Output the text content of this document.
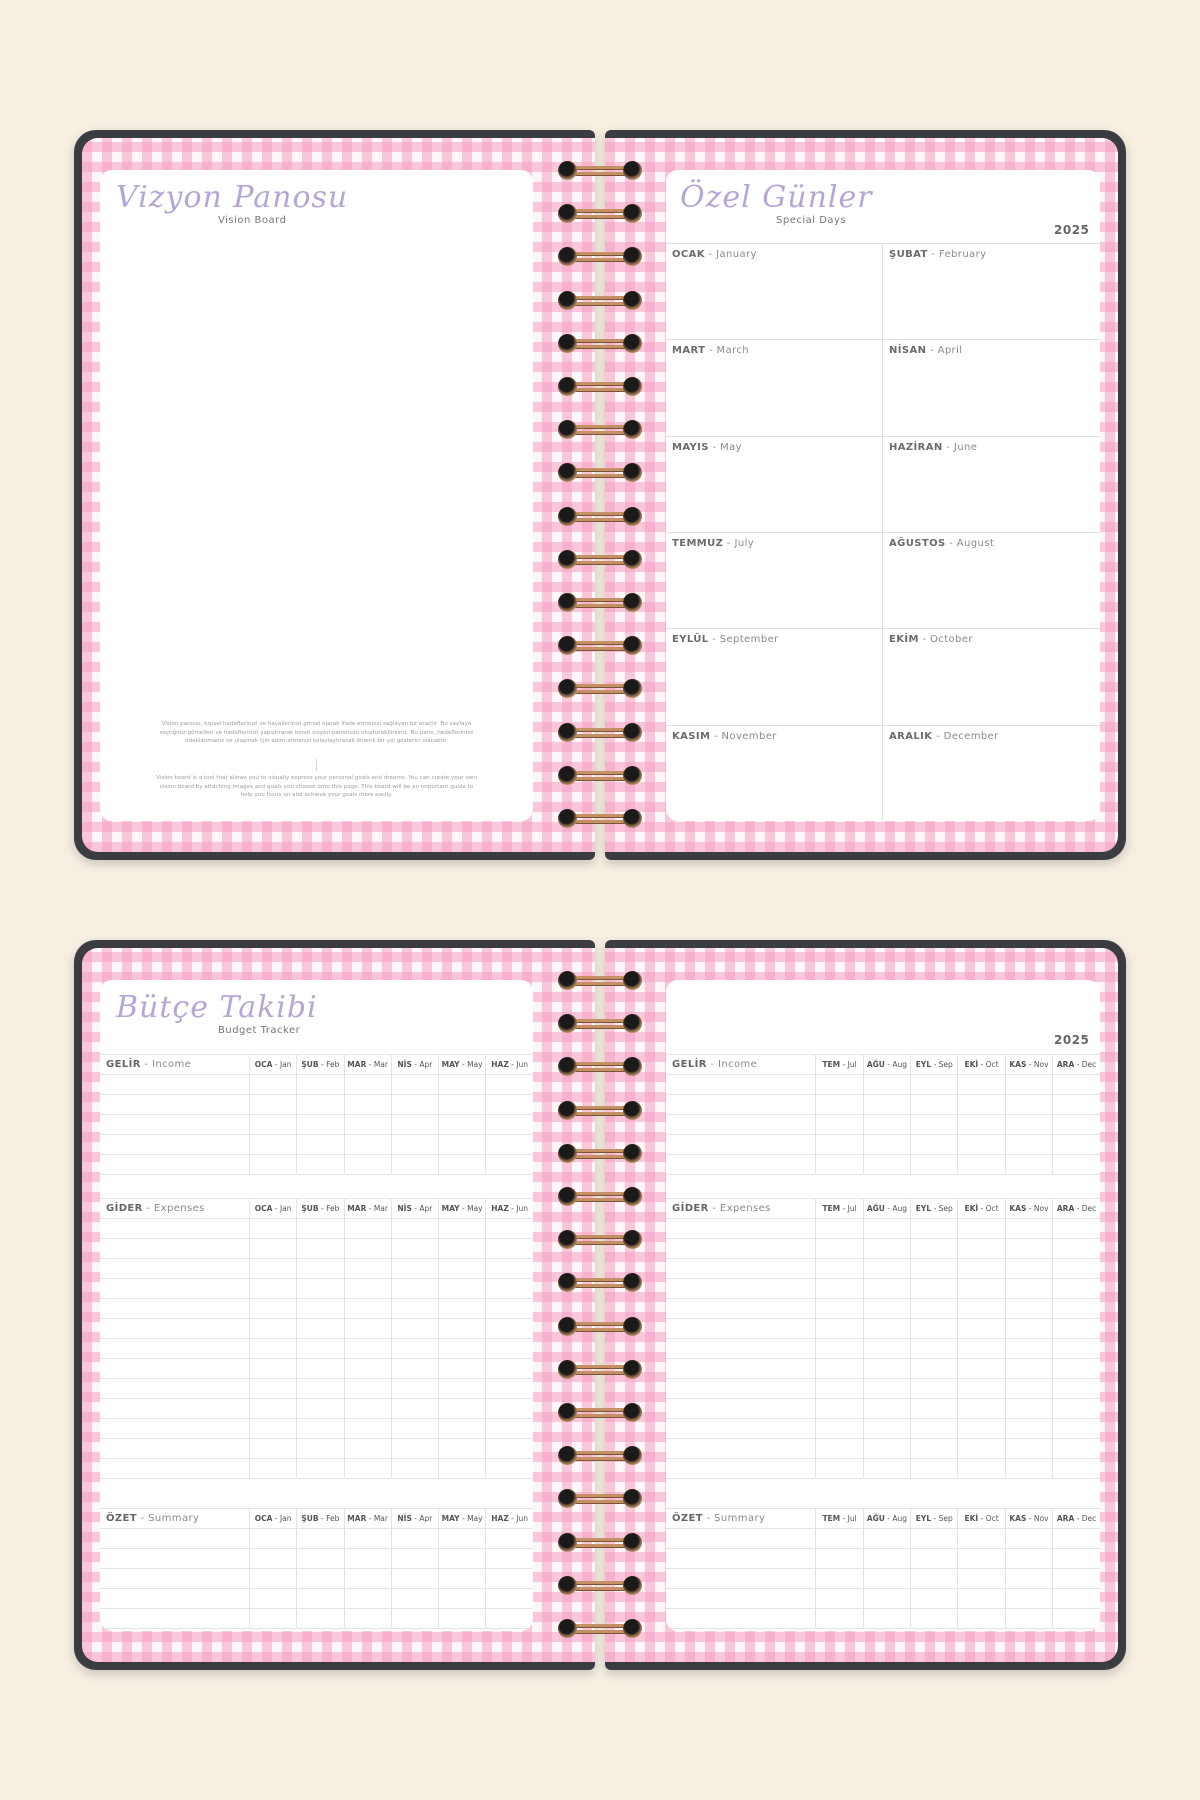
Vizyon Panosu
Vision Board
Vision panosu, kişisel hedeflerinizi ve hayallerinizi görsel olarak ifade etmenizi sağlayan bir araçtır. Bu sayfaya seçtiğiniz görselleri ve hedeflerinizi yapıştırarak kendi vizyon panonuzu oluşturabilirsiniz. Bu pano, hedeflerinize odaklanmanız ve ulaşmak için adım atmanızı kolaylaştıracak önemli bir yol gösterici olacaktır.
Vision board is a tool that allows you to visually express your personal goals and dreams. You can create your own vision board by attaching images and goals you choose onto this page. This board will be an important guide to help you focus on and achieve your goals more easily.
Özel Günler
Special Days
2025
OCAK - January	ŞUBAT - February
MART - March	NİSAN - April
MAYIS - May	HAZİRAN - June
TEMMUZ - July	AĞUSTOS - August
EYLÜL - September	EKİM - October
KASIM - November	ARALIK - December
Bütçe Takibi
Budget Tracker
GELİR - Income	OCA - Jan	ŞUB - Feb	MAR - Mar	NİS - Apr	MAY - May	HAZ - Jun

GİDER - Expenses	OCA - Jan	ŞUB - Feb	MAR - Mar	NİS - Apr	MAY - May	HAZ - Jun

ÖZET - Summary	OCA - Jan	ŞUB - Feb	MAR - Mar	NİS - Apr	MAY - May	HAZ - Jun

2025
GELİR - Income	TEM - Jul	AĞU - Aug	EYL - Sep	EKİ - Oct	KAS - Nov	ARA - Dec

GİDER - Expenses	TEM - Jul	AĞU - Aug	EYL - Sep	EKİ - Oct	KAS - Nov	ARA - Dec

ÖZET - Summary	TEM - Jul	AĞU - Aug	EYL - Sep	EKİ - Oct	KAS - Nov	ARA - Dec
